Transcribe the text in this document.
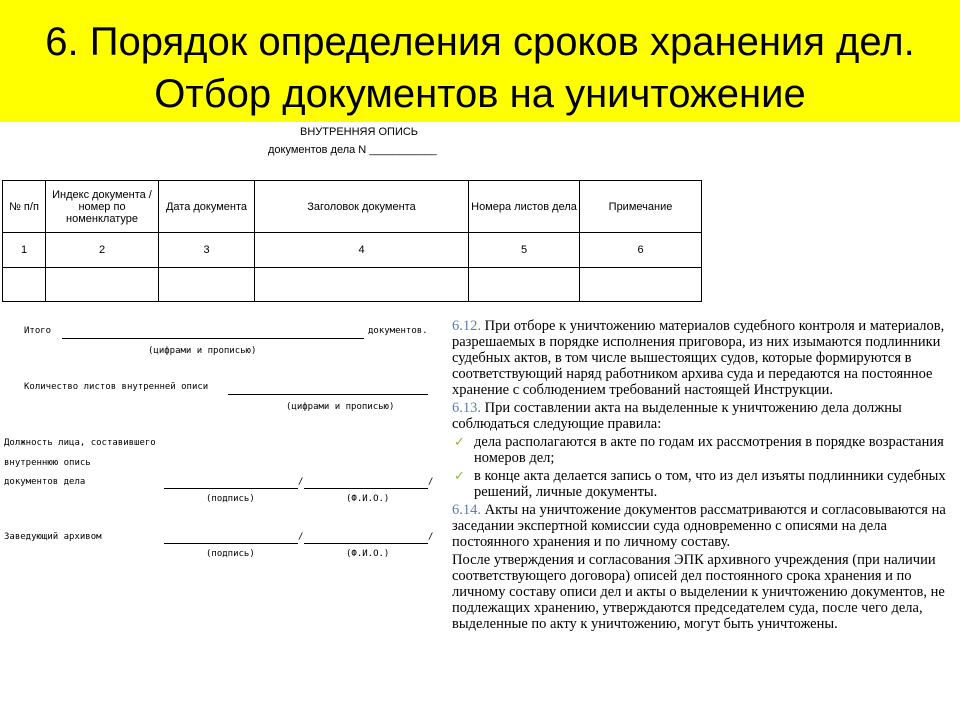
6. Порядок определения сроков хранения дел.
Отбор документов на уничтожение
ВНУТРЕННЯЯ ОПИСЬ
документов дела N ___________
№ п/п	Индекс документа / номер по номенклатуре	Дата документа	Заголовок документа	Номера листов дела	Примечание
1	2	3	4	5	6

Итого	документов.
(цифрами и прописью)
Количество листов внутренней описи
(цифрами и прописью)
Должность лица, составившего
внутреннюю опись
документов дела	/	/
(подпись)	(Ф.И.О.)
Заведующий архивом	/	/
(подпись)	(Ф.И.О.)

6.12. При отборе к уничтожению материалов судебного контроля и материалов, разрешаемых в порядке исполнения приговора, из них изымаются подлинники судебных актов, в том числе вышестоящих судов, которые формируются в соответствующий наряд работником архива суда и передаются на постоянное хранение с соблюдением требований настоящей Инструкции.

6.13. При составлении акта на выделенные к уничтожению дела должны соблюдаться следующие правила:

✓ дела располагаются в акте по годам их рассмотрения в порядке возрастания номеров дел;
✓ в конце акта делается запись о том, что из дел изъяты подлинники судебных решений, личные документы.

6.14. Акты на уничтожение документов рассматриваются и согласовываются на заседании экспертной комиссии суда одновременно с описями на дела постоянного хранения и по личному составу.

После утверждения и согласования ЭПК архивного учреждения (при наличии соответствующего договора) описей дел постоянного срока хранения и по личному составу описи дел и акты о выделении к уничтожению документов, не подлежащих хранению, утверждаются председателем суда, после чего дела, выделенные по акту к уничтожению, могут быть уничтожены.
